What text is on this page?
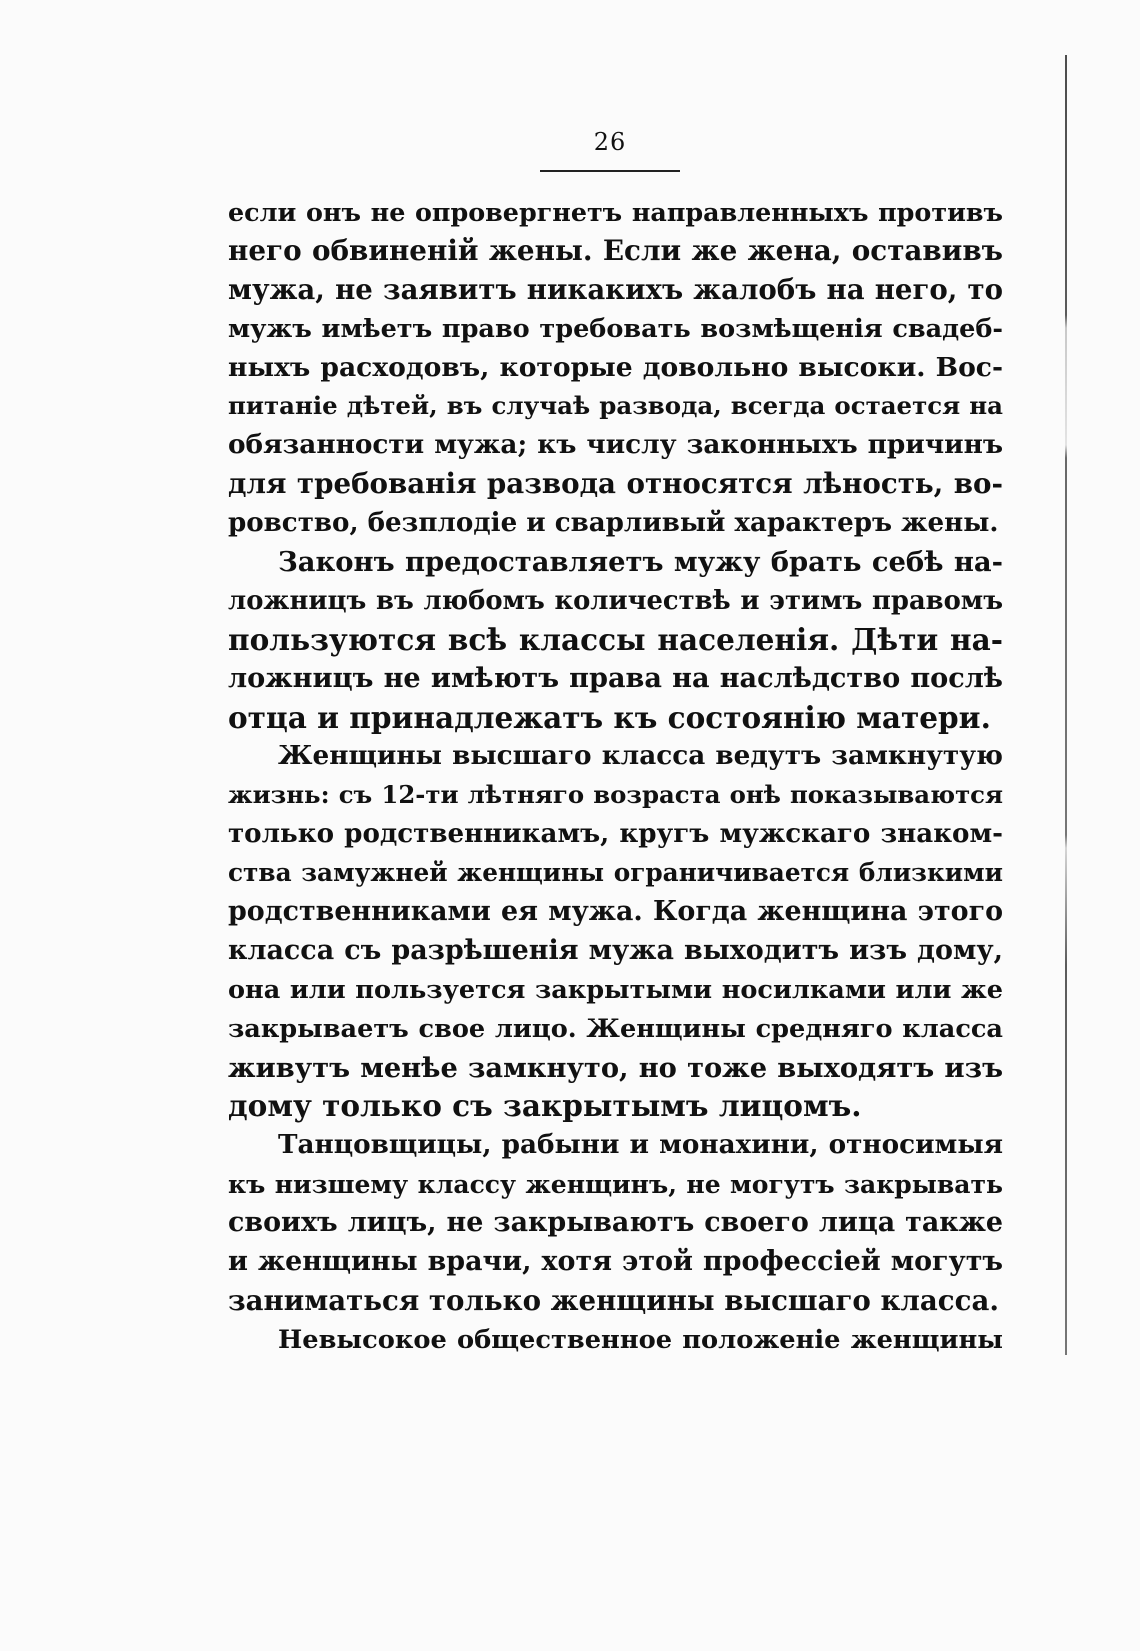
26
если онъ не опровергнетъ направленныхъ противъ
него обвиненій жены. Если же жена, оставивъ
мужа, не заявитъ никакихъ жалобъ на него, то
мужъ имѣетъ право требовать возмѣщенія свадеб-
ныхъ расходовъ, которые довольно высоки. Вос-
питаніе дѣтей, въ случаѣ развода, всегда остается на
обязанности мужа; къ числу законныхъ причинъ
для требованія развода относятся лѣность, во-
ровство, безплодіе и сварливый характеръ жены.
Законъ предоставляетъ мужу брать себѣ на-
ложницъ въ любомъ количествѣ и этимъ правомъ
пользуются всѣ классы населенія. Дѣти на-
ложницъ не имѣютъ права на наслѣдство послѣ
отца и принадлежатъ къ состоянію матери.
Женщины высшаго класса ведутъ замкнутую
жизнь: съ 12-ти лѣтняго возраста онѣ показываются
только родственникамъ, кругъ мужскаго знаком-
ства замужней женщины ограничивается близкими
родственниками ея мужа. Когда женщина этого
класса съ разрѣшенія мужа выходитъ изъ дому,
она или пользуется закрытыми носилками или же
закрываетъ свое лицо. Женщины средняго класса
живутъ менѣе замкнуто, но тоже выходятъ изъ
дому только съ закрытымъ лицомъ.
Танцовщицы, рабыни и монахини, относимыя
къ низшему классу женщинъ, не могутъ закрывать
своихъ лицъ, не закрываютъ своего лица также
и женщины врачи, хотя этой профессіей могутъ
заниматься только женщины высшаго класса.
Невысокое общественное положеніе женщины
